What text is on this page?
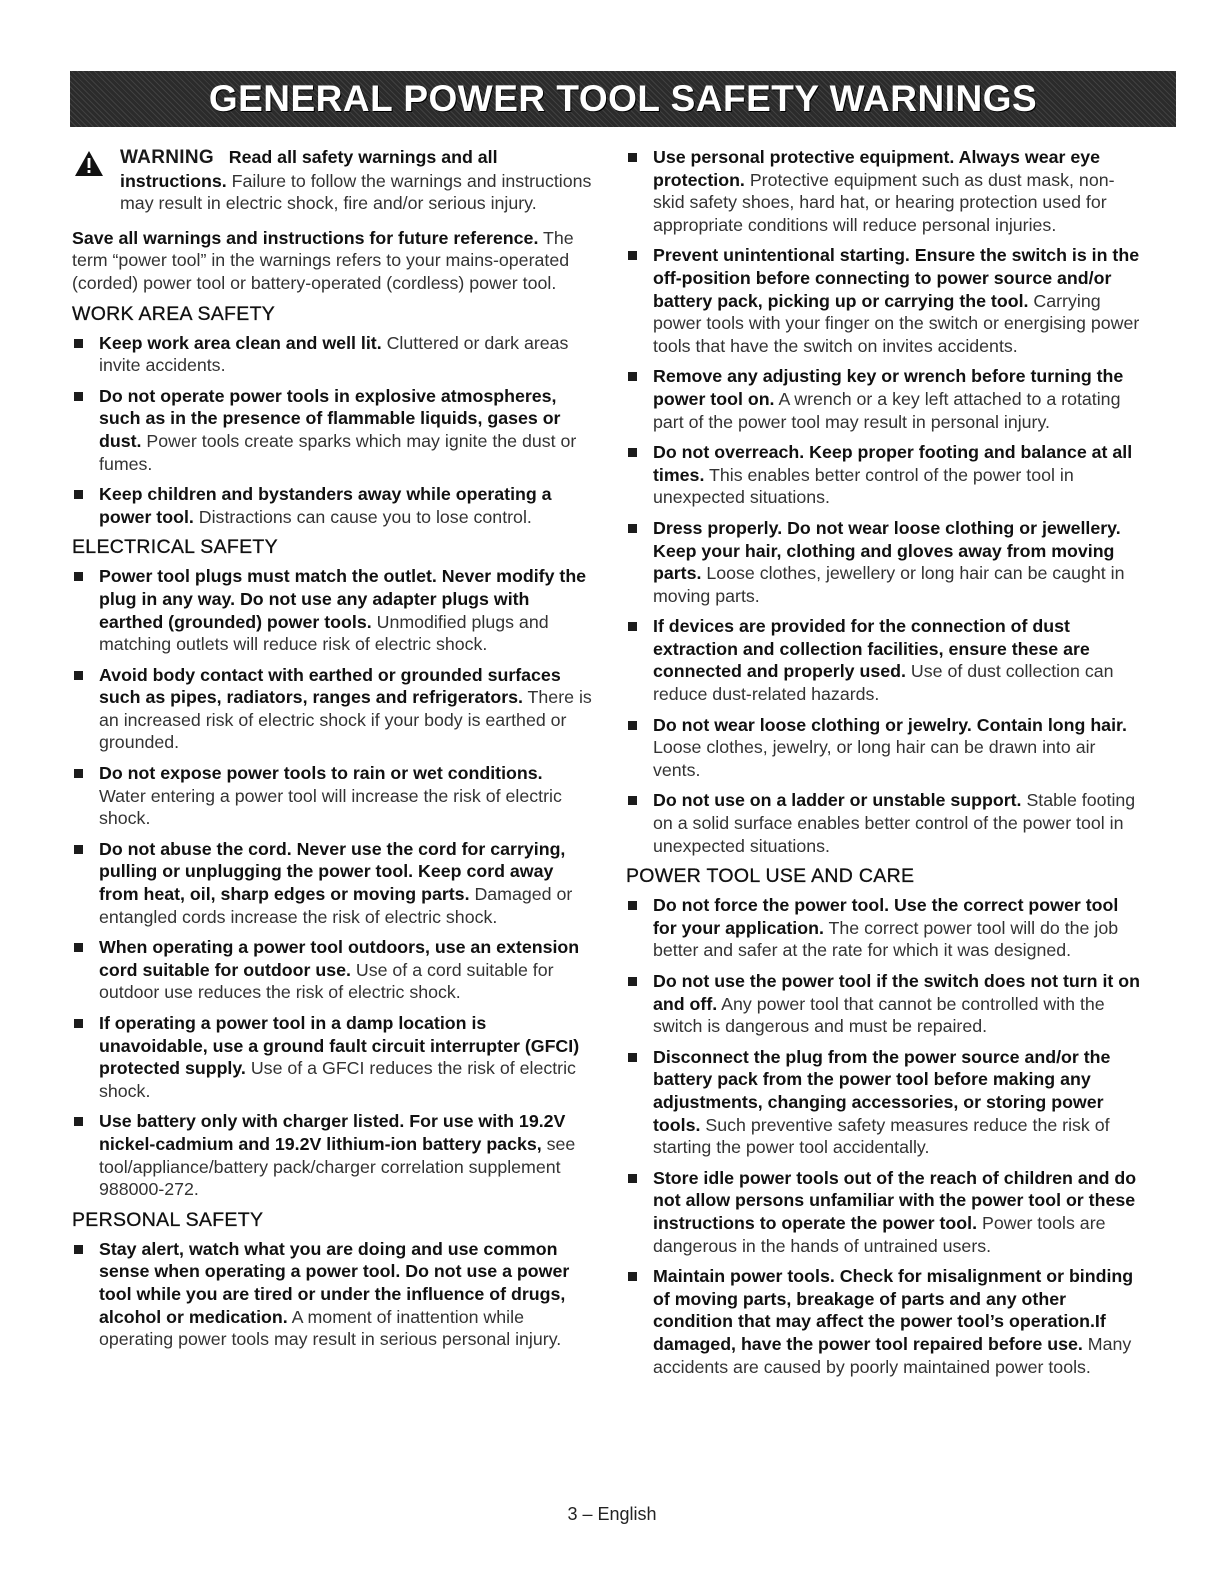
GENERAL POWER TOOL SAFETY WARNINGS
WARNING Read all safety warnings and all instructions. Failure to follow the warnings and instructions may result in electric shock, fire and/or serious injury.
Save all warnings and instructions for future reference. The term “power tool” in the warnings refers to your mains-operated (corded) power tool or battery-operated (cordless) power tool.
WORK AREA SAFETY
Keep work area clean and well lit. Cluttered or dark areas invite accidents.
Do not operate power tools in explosive atmospheres, such as in the presence of flammable liquids, gases or dust. Power tools create sparks which may ignite the dust or fumes.
Keep children and bystanders away while operating a power tool. Distractions can cause you to lose control.
ELECTRICAL SAFETY
Power tool plugs must match the outlet. Never modify the plug in any way. Do not use any adapter plugs with earthed (grounded) power tools. Unmodified plugs and matching outlets will reduce risk of electric shock.
Avoid body contact with earthed or grounded surfaces such as pipes, radiators, ranges and refrigerators. There is an increased risk of electric shock if your body is earthed or grounded.
Do not expose power tools to rain or wet conditions. Water entering a power tool will increase the risk of electric shock.
Do not abuse the cord. Never use the cord for carrying, pulling or unplugging the power tool. Keep cord away from heat, oil, sharp edges or moving parts. Damaged or entangled cords increase the risk of electric shock.
When operating a power tool outdoors, use an extension cord suitable for outdoor use. Use of a cord suitable for outdoor use reduces the risk of electric shock.
If operating a power tool in a damp location is unavoidable, use a ground fault circuit interrupter (GFCI) protected supply. Use of a GFCI reduces the risk of electric shock.
Use battery only with charger listed. For use with 19.2V nickel-cadmium and 19.2V lithium-ion battery packs, see tool/appliance/battery pack/charger correlation supplement 988000-272.
PERSONAL SAFETY
Stay alert, watch what you are doing and use common sense when operating a power tool. Do not use a power tool while you are tired or under the influence of drugs, alcohol or medication. A moment of inattention while operating power tools may result in serious personal injury.
Use personal protective equipment. Always wear eye protection. Protective equipment such as dust mask, non-skid safety shoes, hard hat, or hearing protection used for appropriate conditions will reduce personal injuries.
Prevent unintentional starting. Ensure the switch is in the off-position before connecting to power source and/or battery pack, picking up or carrying the tool. Carrying power tools with your finger on the switch or energising power tools that have the switch on invites accidents.
Remove any adjusting key or wrench before turning the power tool on. A wrench or a key left attached to a rotating part of the power tool may result in personal injury.
Do not overreach. Keep proper footing and balance at all times. This enables better control of the power tool in unexpected situations.
Dress properly. Do not wear loose clothing or jewellery. Keep your hair, clothing and gloves away from moving parts. Loose clothes, jewellery or long hair can be caught in moving parts.
If devices are provided for the connection of dust extraction and collection facilities, ensure these are connected and properly used. Use of dust collection can reduce dust-related hazards.
Do not wear loose clothing or jewelry. Contain long hair. Loose clothes, jewelry, or long hair can be drawn into air vents.
Do not use on a ladder or unstable support. Stable footing on a solid surface enables better control of the power tool in unexpected situations.
POWER TOOL USE AND CARE
Do not force the power tool. Use the correct power tool for your application. The correct power tool will do the job better and safer at the rate for which it was designed.
Do not use the power tool if the switch does not turn it on and off. Any power tool that cannot be controlled with the switch is dangerous and must be repaired.
Disconnect the plug from the power source and/or the battery pack from the power tool before making any adjustments, changing accessories, or storing power tools. Such preventive safety measures reduce the risk of starting the power tool accidentally.
Store idle power tools out of the reach of children and do not allow persons unfamiliar with the power tool or these instructions to operate the power tool. Power tools are dangerous in the hands of untrained users.
Maintain power tools. Check for misalignment or binding of moving parts, breakage of parts and any other condition that may affect the power tool’s operation.If damaged, have the power tool repaired before use. Many accidents are caused by poorly maintained power tools.
3 – English
